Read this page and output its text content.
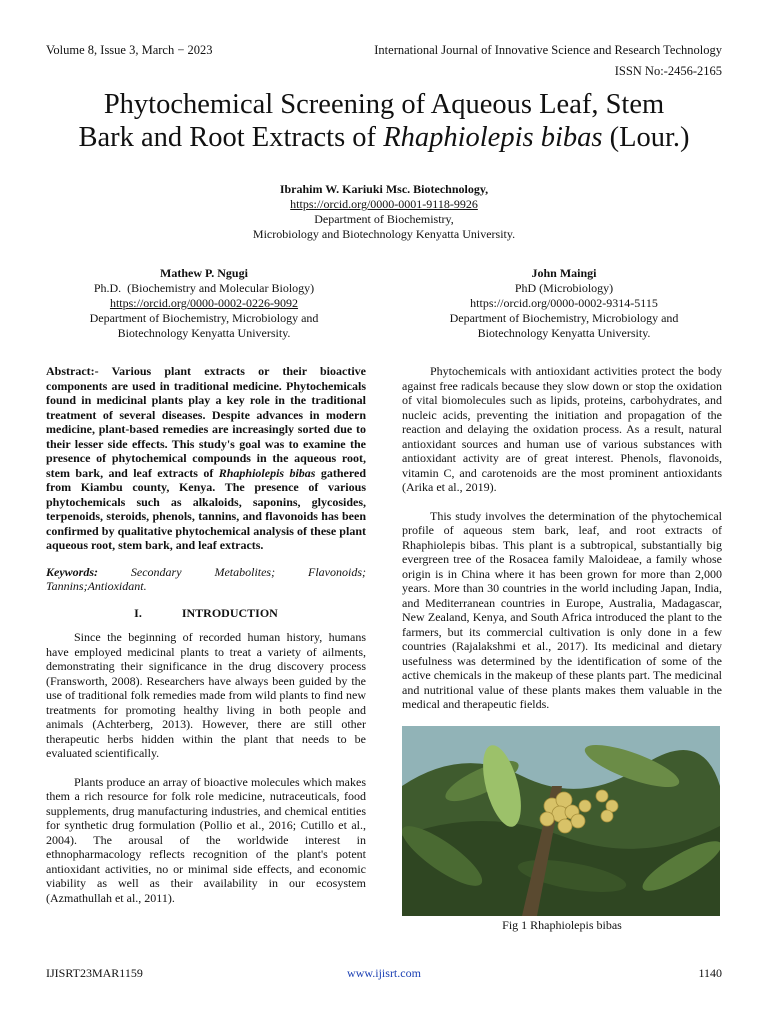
Volume 8, Issue 3, March − 2023	International Journal of Innovative Science and Research Technology
ISSN No:-2456-2165
Phytochemical Screening of Aqueous Leaf, Stem
Bark and Root Extracts of Rhaphiolepis bibas (Lour.)
Ibrahim W. Kariuki Msc. Biotechnology,
https://orcid.org/0000-0001-9118-9926
Department of Biochemistry,
Microbiology and Biotechnology Kenyatta University.
Mathew P. Ngugi
Ph.D.  (Biochemistry and Molecular Biology)
https://orcid.org/0000-0002-0226-9092
Department of Biochemistry, Microbiology and
Biotechnology Kenyatta University.
John Maingi
PhD (Microbiology)
https://orcid.org/0000-0002-9314-5115
Department of Biochemistry, Microbiology and
Biotechnology Kenyatta University.

Abstract:- Various plant extracts or their bioactive components are used in traditional medicine. Phytochemicals found in medicinal plants play a key role in the traditional treatment of several diseases. Despite advances in modern medicine, plant-based remedies are increasingly sorted due to their lesser side effects. This study's goal was to examine the presence of phytochemical compounds in the aqueous root, stem bark, and leaf extracts of Rhaphiolepis bibas gathered from Kiambu county, Kenya. The presence of various phytochemicals such as alkaloids, saponins, glycosides, terpenoids, steroids, phenols, tannins, and flavonoids has been confirmed by qualitative phytochemical analysis of these plant aqueous root, stem bark, and leaf extracts.

Keywords: Secondary Metabolites; Flavonoids; Tannins;Antioxidant.

I.	INTRODUCTION

Since the beginning of recorded human history, humans have employed medicinal plants to treat a variety of ailments, demonstrating their significance in the drug discovery process (Fransworth, 2008). Researchers have always been guided by the use of traditional folk remedies made from wild plants to find new treatments for promoting healthy living in both people and animals (Achterberg, 2013). However, there are still other therapeutic herbs hidden within the plant that needs to be evaluated scientifically.

Plants produce an array of bioactive molecules which makes them a rich resource for folk role medicine, nutraceuticals, food supplements, drug manufacturing industries, and chemical entities for synthetic drug formulation (Pollio et al., 2016; Cutillo et al., 2004). The arousal of the worldwide interest in ethnopharmacology reflects recognition of the plant's potent antioxidant activities, no or minimal side effects, and economic viability as well as their availability in our ecosystem (Azmathullah et al., 2011).

Phytochemicals with antioxidant activities protect the body against free radicals because they slow down or stop the oxidation of vital biomolecules such as lipids, proteins, carbohydrates, and nucleic acids, preventing the initiation and propagation of the reaction and delaying the oxidation process. As a result, natural antioxidant sources and human use of various substances with antioxidant activity are of great interest. Phenols, flavonoids, vitamin C, and carotenoids are the most prominent antioxidants (Arika et al., 2019).

This study involves the determination of the phytochemical profile of aqueous stem bark, leaf, and root extracts of Rhaphiolepis bibas. This plant is a subtropical, substantially big evergreen tree of the Rosacea family Maloideae, a family whose origin is in China where it has been grown for more than 2,000 years. More than 30 countries in the world including Japan, India, and Mediterranean countries in Europe, Australia, Madagascar, New Zealand, Kenya, and South Africa introduced the plant to the farmers, but its commercial cultivation is only done in a few countries (Rajalakshmi et al., 2017). Its medicinal and dietary usefulness was determined by the identification of some of the active chemicals in the makeup of these plants part. The medicinal and nutritional value of these plants makes them valuable in the medical and therapeutic fields.

Fig 1 Rhaphiolepis bibas
IJISRT23MAR1159	www.ijisrt.com	1140
